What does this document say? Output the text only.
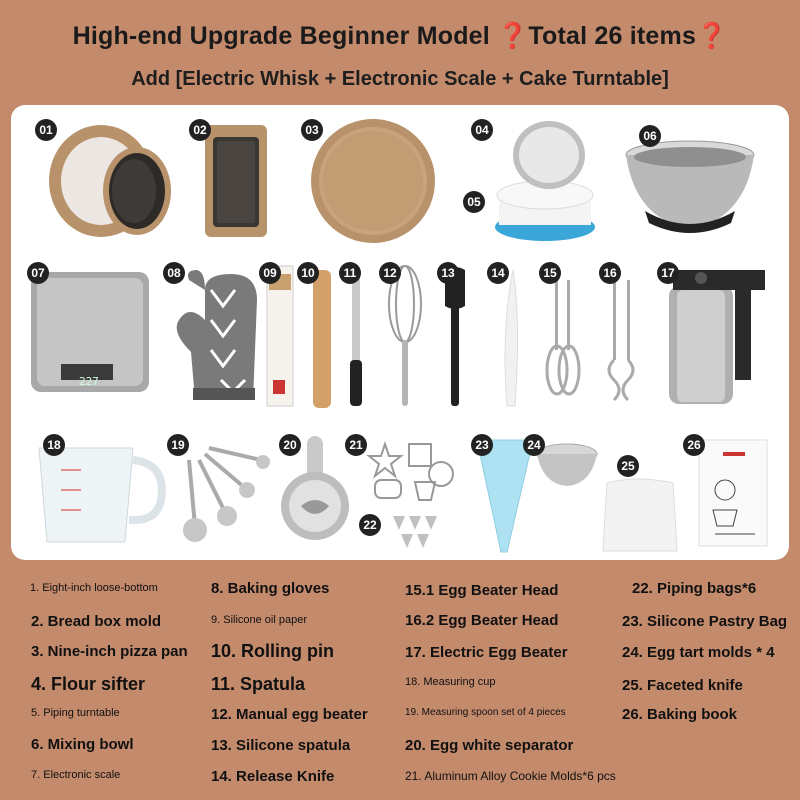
High-end Upgrade Beginner Model ❓Total 26 items❓
Add [Electric Whisk + Electronic Scale + Cake Turntable]
01	02	03	04
05
06
07
227
08	09	10	11	12	13	14	15	16	17
18	19	20	21
22
23	24
25
26
1. Eight-inch loose-bottom
2. Bread box mold
3. Nine-inch pizza pan
4. Flour sifter
5. Piping turntable
6. Mixing bowl
7. Electronic scale
8. Baking gloves
9. Silicone oil paper
10. Rolling pin
11. Spatula
12. Manual egg beater
13. Silicone spatula
14. Release Knife
15.1 Egg Beater Head
16.2 Egg Beater Head
17. Electric Egg Beater
18. Measuring cup
19. Measuring spoon set of 4 pieces
20. Egg white separator
21. Aluminum Alloy Cookie Molds*6 pcs
22. Piping bags*6
23. Silicone Pastry Bag
24. Egg tart molds * 4
25. Faceted knife
26. Baking book
